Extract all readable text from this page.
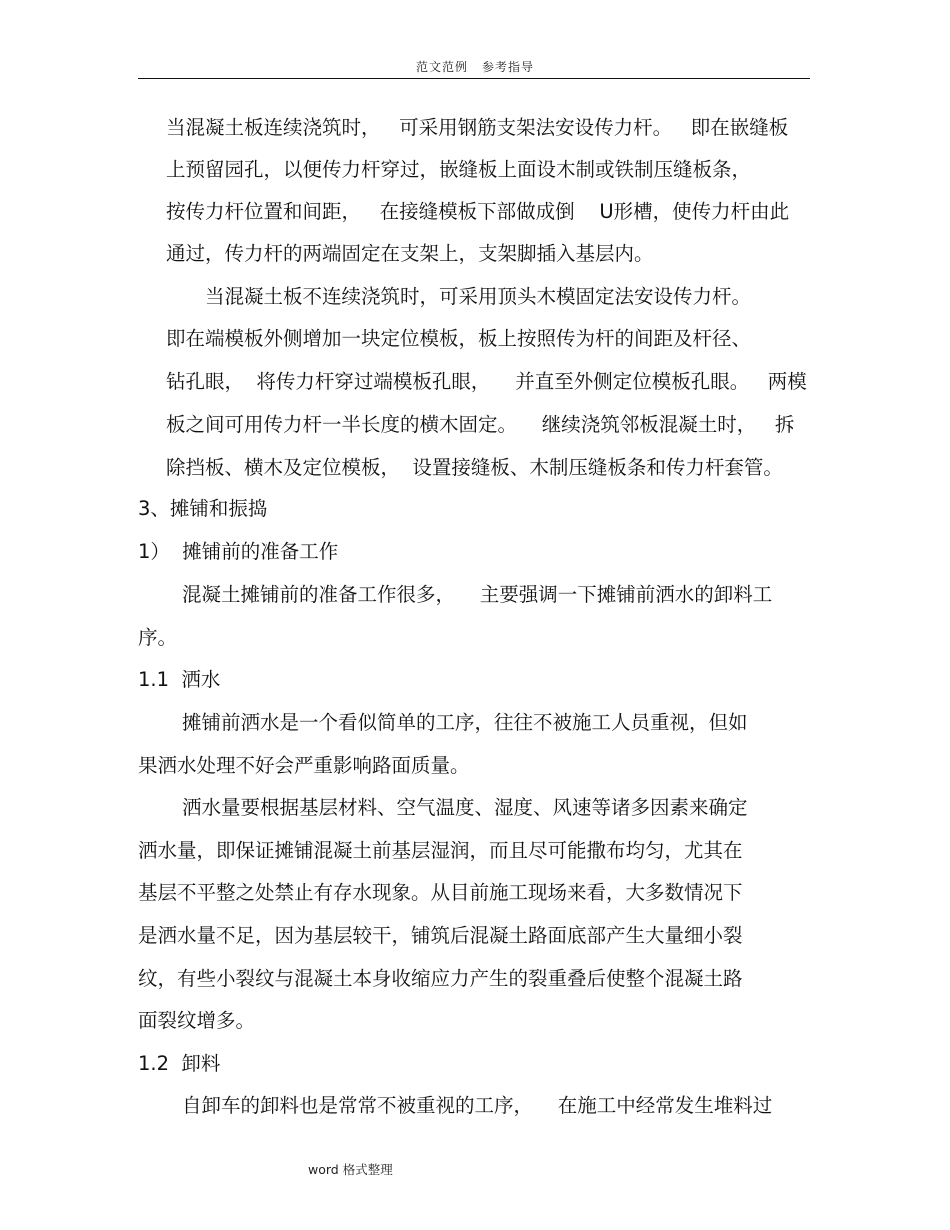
范文范例 参考指导
当混凝土板连续浇筑时，   可采用钢筋支架法安设传力杆。   即在嵌缝板
上预留园孔，以便传力杆穿过，嵌缝板上面设木制或铁制压缝板条，
按传力杆位置和间距，   在接缝模板下部做成倒    U形槽，使传力杆由此
通过，传力杆的两端固定在支架上，支架脚插入基层内。
当混凝土板不连续浇筑时，可采用顶头木模固定法安设传力杆。
即在端模板外侧增加一块定位模板，板上按照传为杆的间距及杆径、
钻孔眼，  将传力杆穿过端模板孔眼，    并直至外侧定位模板孔眼。   两模
板之间可用传力杆一半长度的横木固定。    继续浇筑邻板混凝土时，   拆
除挡板、横木及定位模板，  设置接缝板、木制压缝板条和传力杆套管。
3、摊铺和振捣
1）  摊铺前的准备工作
混凝土摊铺前的准备工作很多，    主要强调一下摊铺前洒水的卸料工
序。
1.1  洒水
摊铺前洒水是一个看似简单的工序，往往不被施工人员重视，但如
果洒水处理不好会严重影响路面质量。
洒水量要根据基层材料、空气温度、湿度、风速等诸多因素来确定
洒水量，即保证摊铺混凝土前基层湿润，而且尽可能撒布均匀，尤其在
基层不平整之处禁止有存水现象。从目前施工现场来看，大多数情况下
是洒水量不足，因为基层较干，铺筑后混凝土路面底部产生大量细小裂
纹，有些小裂纹与混凝土本身收缩应力产生的裂重叠后使整个混凝土路
面裂纹增多。
1.2  卸料
自卸车的卸料也是常常不被重视的工序，    在施工中经常发生堆料过
word 格式整理
